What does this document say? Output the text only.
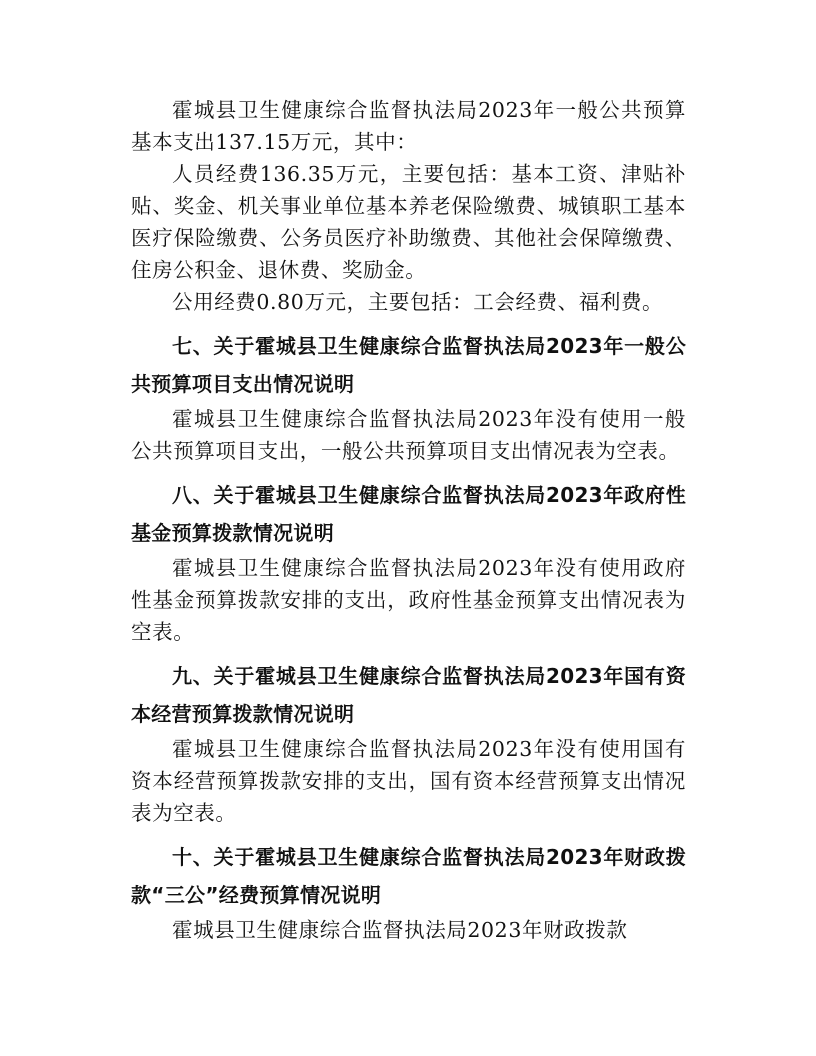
霍城县卫生健康综合监督执法局2023年一般公共预算基本支出137.15万元，其中：

人员经费136.35万元，主要包括：基本工资、津贴补贴、奖金、机关事业单位基本养老保险缴费、城镇职工基本医疗保险缴费、公务员医疗补助缴费、其他社会保障缴费、住房公积金、退休费、奖励金。

公用经费0.80万元，主要包括：工会经费、福利费。

七、关于霍城县卫生健康综合监督执法局2023年一般公共预算项目支出情况说明

霍城县卫生健康综合监督执法局2023年没有使用一般公共预算项目支出，一般公共预算项目支出情况表为空表。

八、关于霍城县卫生健康综合监督执法局2023年政府性基金预算拨款情况说明

霍城县卫生健康综合监督执法局2023年没有使用政府性基金预算拨款安排的支出，政府性基金预算支出情况表为空表。

九、关于霍城县卫生健康综合监督执法局2023年国有资本经营预算拨款情况说明

霍城县卫生健康综合监督执法局2023年没有使用国有资本经营预算拨款安排的支出，国有资本经营预算支出情况表为空表。

十、关于霍城县卫生健康综合监督执法局2023年财政拨款“三公”经费预算情况说明

霍城县卫生健康综合监督执法局2023年财政拨款
